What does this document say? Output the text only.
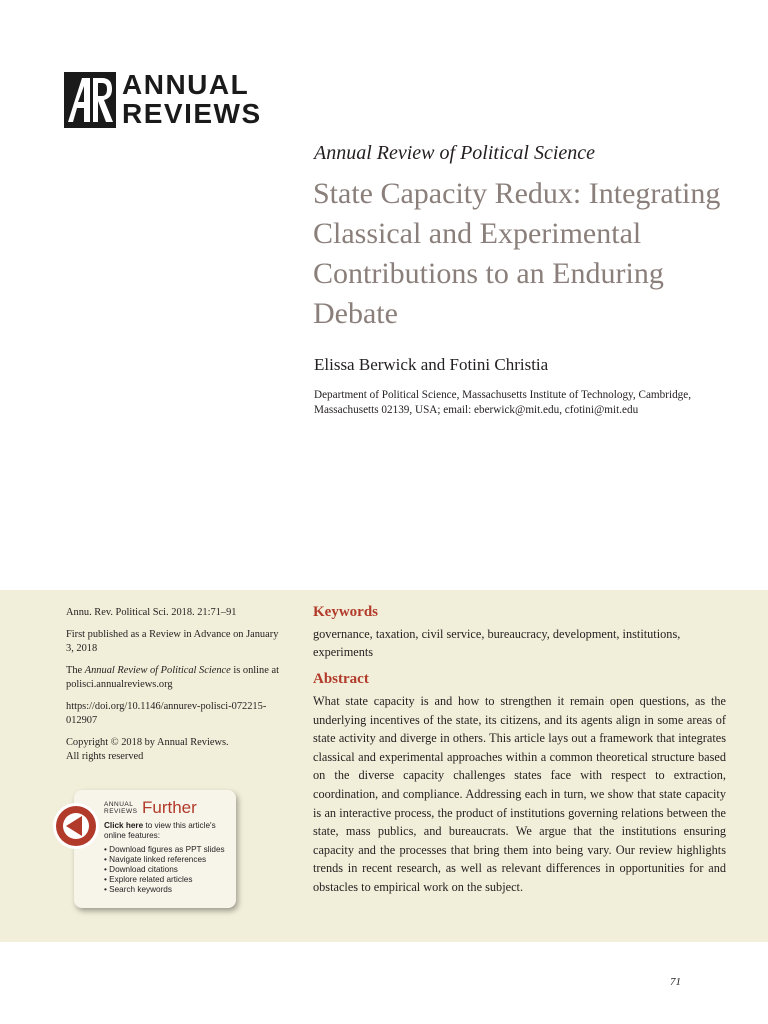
ANNUAL
REVIEWS
Annual Review of Political Science
State Capacity Redux: Integrating Classical and Experimental Contributions to an Enduring Debate
Elissa Berwick and Fotini Christia
Department of Political Science, Massachusetts Institute of Technology, Cambridge, Massachusetts 02139, USA; email: eberwick@mit.edu, cfotini@mit.edu

Annu. Rev. Political Sci. 2018. 21:71–91

First published as a Review in Advance on January 3, 2018

The Annual Review of Political Science is online at polisci.annualreviews.org

https://doi.org/10.1146/annurev-polisci-072215-012907

Copyright © 2018 by Annual Reviews.
All rights reserved

ANNUAL REVIEWS Further
Click here to view this article's online features:
• Download figures as PPT slides
• Navigate linked references
• Download citations
• Explore related articles
• Search keywords
Keywords
governance, taxation, civil service, bureaucracy, development, institutions, experiments
Abstract

What state capacity is and how to strengthen it remain open questions, as the underlying incentives of the state, its citizens, and its agents align in some areas of state activity and diverge in others. This article lays out a framework that integrates classical and experimental approaches within a common theoretical structure based on the diverse capacity challenges states face with respect to extraction, coordination, and compliance. Addressing each in turn, we show that state capacity is an interactive process, the product of institutions governing relations between the state, mass publics, and bureaucrats. We argue that the institutions ensuring capacity and the processes that bring them into being vary. Our review highlights trends in recent research, as well as relevant differences in opportunities for and obstacles to empirical work on the subject.

71
